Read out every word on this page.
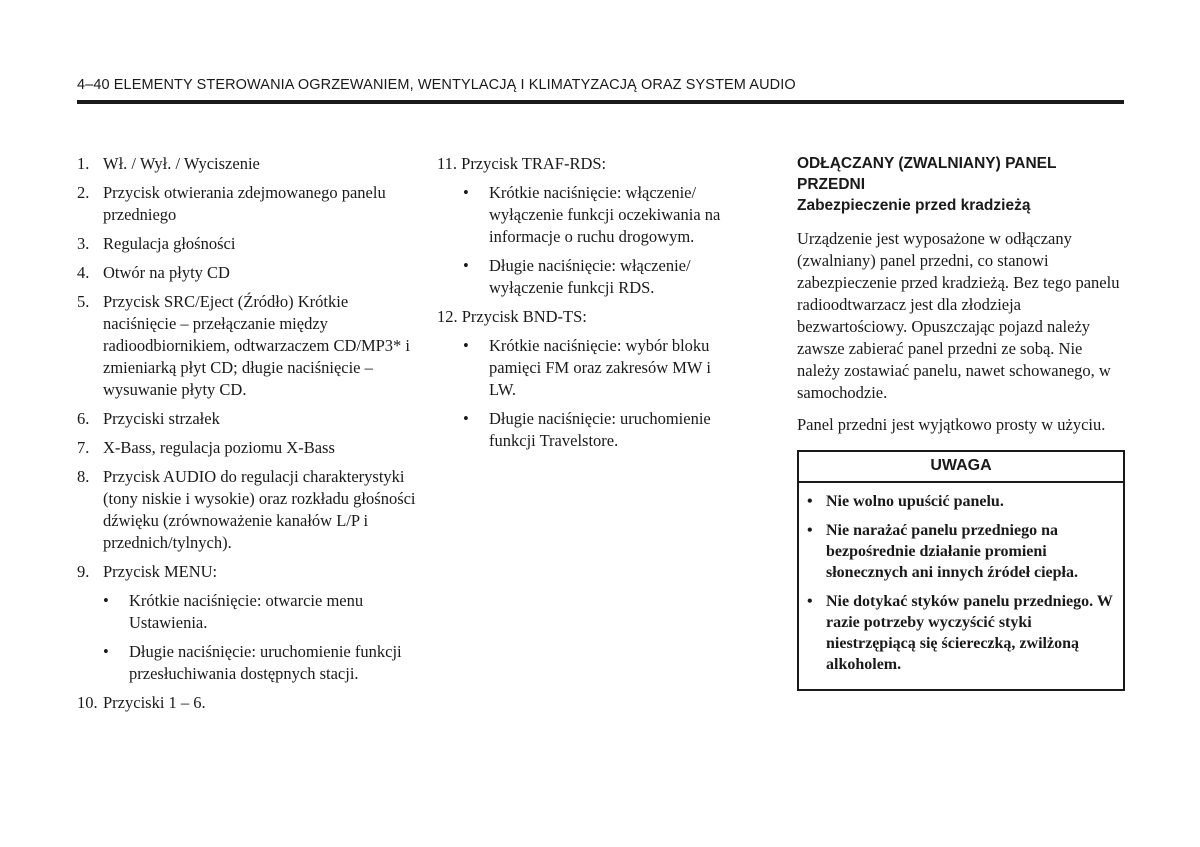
4–40 ELEMENTY STEROWANIA OGRZEWANIEM, WENTYLACJĄ I KLIMATYZACJĄ ORAZ SYSTEM AUDIO
1. Wł. / Wył. / Wyciszenie
2. Przycisk otwierania zdejmowanego panelu przedniego
3. Regulacja głośności
4. Otwór na płyty CD
5. Przycisk SRC/Eject (Źródło) Krótkie naciśnięcie – przełączanie między radioodbiornikiem, odtwarzaczem CD/MP3* i zmieniarką płyt CD; długie naciśnięcie – wysuwanie płyty CD.
6. Przyciski strzałek
7. X-Bass, regulacja poziomu X-Bass
8. Przycisk AUDIO do regulacji charakterystyki (tony niskie i wysokie) oraz rozkładu głośności dźwięku (zrównoważenie kanałów L/P i przednich/tylnych).
9. Przycisk MENU:
• Krótkie naciśnięcie: otwarcie menu Ustawienia.
• Długie naciśnięcie: uruchomienie funkcji przesłuchiwania dostępnych stacji.
10. Przyciski 1 – 6.
11. Przycisk TRAF-RDS:
• Krótkie naciśnięcie: włączenie/ wyłączenie funkcji oczekiwania na informacje o ruchu drogowym.
• Długie naciśnięcie: włączenie/ wyłączenie funkcji RDS.
12. Przycisk BND-TS:
• Krótkie naciśnięcie: wybór bloku pamięci FM oraz zakresów MW i LW.
• Długie naciśnięcie: uruchomienie funkcji Travelstore.

ODŁĄCZANY (ZWALNIANY) PANEL PRZEDNI

Zabezpieczenie przed kradzieżą

Urządzenie jest wyposażone w odłączany (zwalniany) panel przedni, co stanowi zabezpieczenie przed kradzieżą. Bez tego panelu radioodtwarzacz jest dla złodzieja bezwartościowy. Opuszczając pojazd należy zawsze zabierać panel przedni ze sobą. Nie należy zostawiać panelu, nawet schowanego, w samochodzie.

Panel przedni jest wyjątkowo prosty w użyciu.

UWAGA
• Nie wolno upuścić panelu.
• Nie narażać panelu przedniego na bezpośrednie działanie promieni słonecznych ani innych źródeł ciepła.
• Nie dotykać styków panelu przedniego. W razie potrzeby wyczyścić styki niestrzępiącą się ściereczką, zwilżoną alkoholem.
